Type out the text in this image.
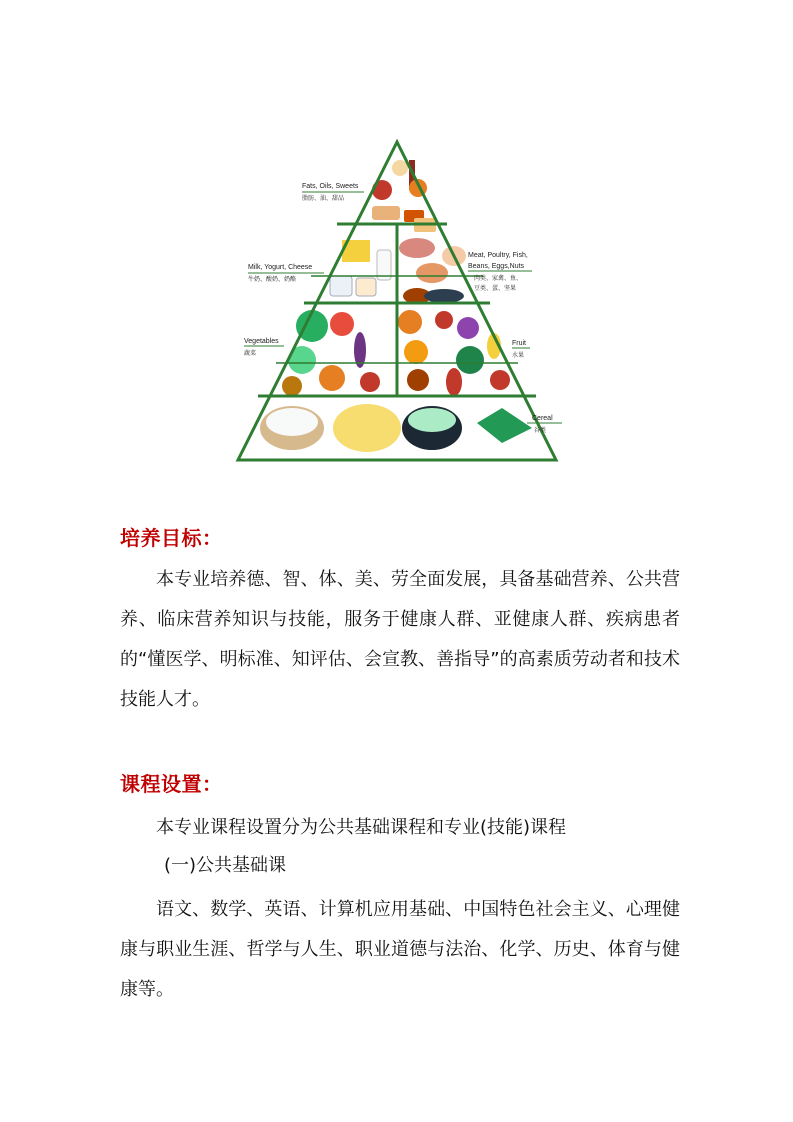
Fats, Oils, Sweets
脂肪、油、甜品
Milk, Yogurt, Cheese
牛奶、酸奶、奶酪
Meat, Poultry, Fish,
Beans, Eggs,Nuts
肉类、家禽、鱼、
豆类、蛋、坚果
Vegetables
蔬菜
Fruit
水果
Cereal
谷类
培养目标：

本专业培养德、智、体、美、劳全面发展，具备基础营养、公共营养、临床营养知识与技能，服务于健康人群、亚健康人群、疾病患者的“懂医学、明标准、知评估、会宣教、善指导”的高素质劳动者和技术技能人才。

课程设置：

本专业课程设置分为公共基础课程和专业(技能)课程

(一)公共基础课

语文、数学、英语、计算机应用基础、中国特色社会主义、心理健康与职业生涯、哲学与人生、职业道德与法治、化学、历史、体育与健康等。
